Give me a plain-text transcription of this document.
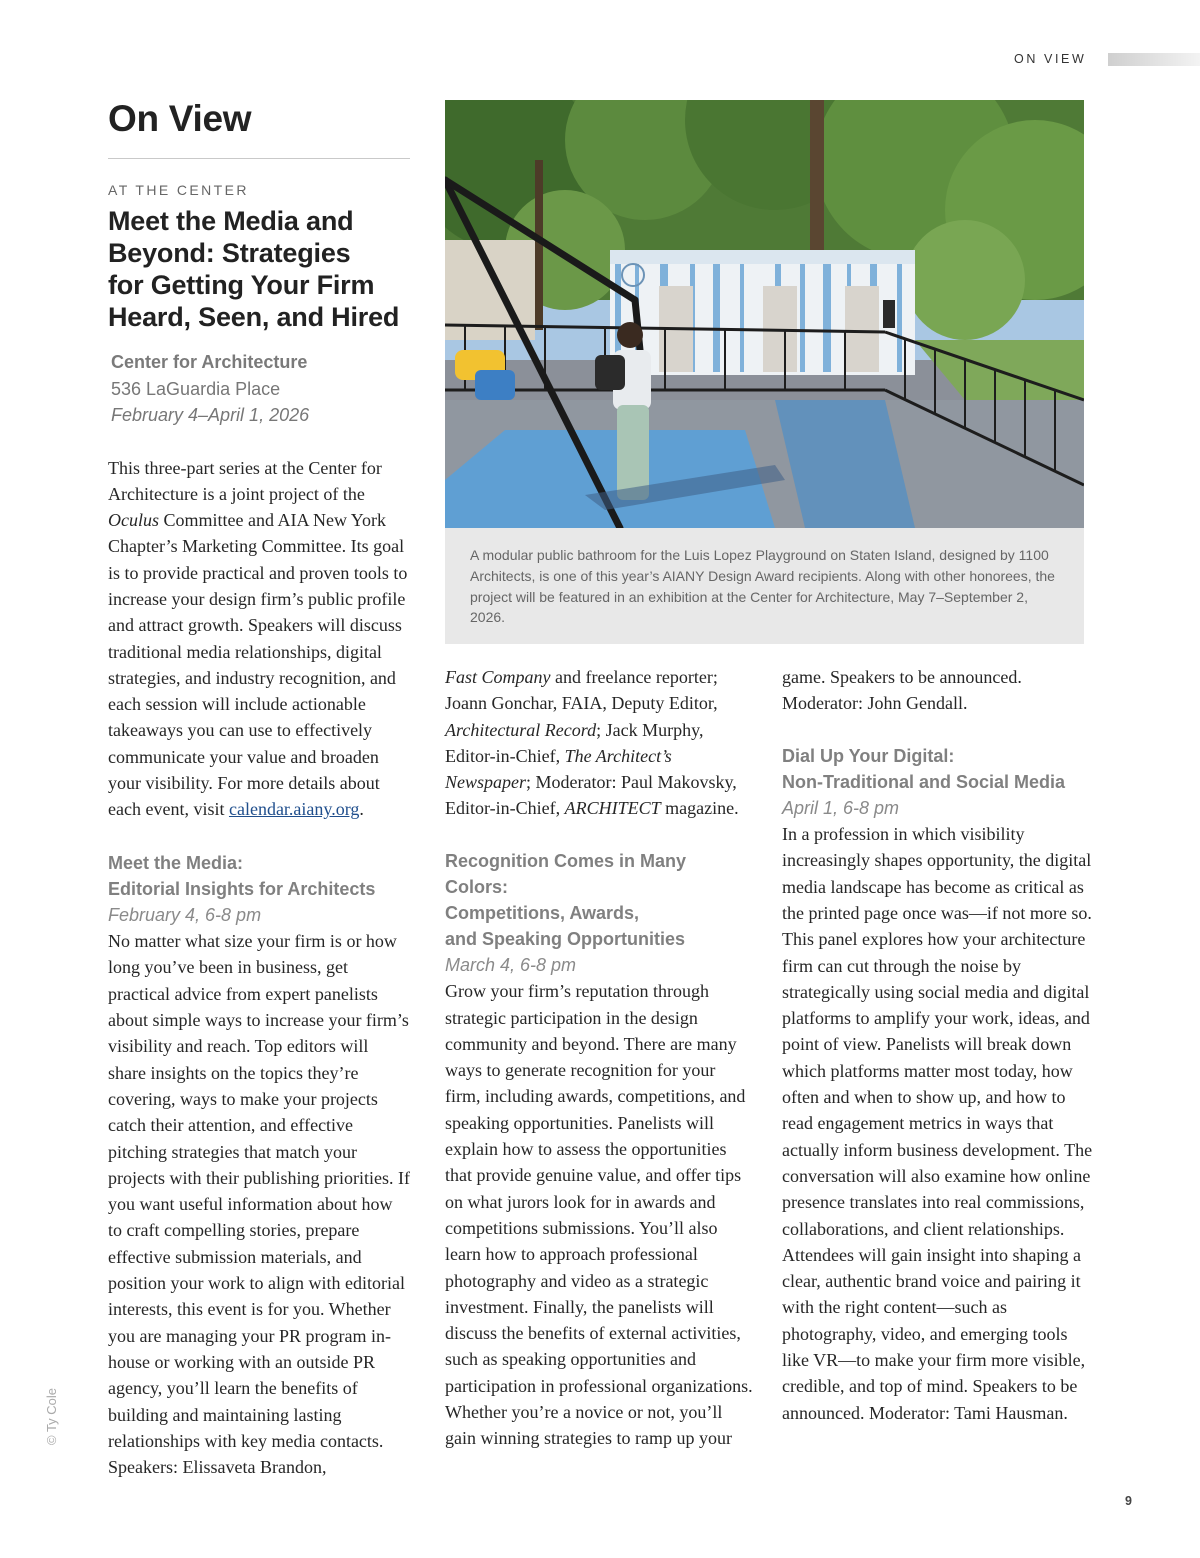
ON VIEW
© Ty Cole
9
On View

AT THE CENTER

Meet the Media and
Beyond: Strategies
for Getting Your Firm
Heard, Seen, and Hired
Center for Architecture
536 LaGuardia Place
February 4–April 1, 2026

This three-part series at the Center for Architecture is a joint project of the Oculus Committee and AIA New York Chapter’s Marketing Committee. Its goal is to provide practical and proven tools to increase your design firm’s public profile and attract growth. Speakers will discuss traditional media relationships, digital strategies, and industry recognition, and each session will include actionable takeaways you can use to effectively communicate your value and broaden your visibility. For more details about each event, visit calendar.aiany.org.

Meet the Media:
Editorial Insights for Architects

February 4, 6-8 pm

No matter what size your firm is or how long you’ve been in business, get practical advice from expert panelists about simple ways to increase your firm’s visibility and reach. Top editors will share insights on the topics they’re covering, ways to make your projects catch their attention, and effective pitching strategies that match your projects with their publishing priorities. If you want useful information about how to craft compelling stories, prepare effective submission materials, and position your work to align with editorial interests, this event is for you. Whether you are managing your PR program in-house or working with an outside PR agency, you’ll learn the benefits of building and maintaining lasting relationships with key media contacts. Speakers: Elissaveta Brandon,

A modular public bathroom for the Luis Lopez Playground on Staten Island, designed by 1100 Architects, is one of this year’s AIANY Design Award recipients. Along with other honorees, the project will be featured in an exhibition at the Center for Architecture, May 7–September 2, 2026.

Fast Company and freelance reporter; Joann Gonchar, FAIA, Deputy Editor, Architectural Record; Jack Murphy, Editor-in-Chief, The Architect’s Newspaper; Moderator: Paul Makovsky, Editor-in-Chief, ARCHITECT magazine.

Recognition Comes in Many Colors:
Competitions, Awards,
and Speaking Opportunities

March 4, 6-8 pm

Grow your firm’s reputation through strategic participation in the design community and beyond. There are many ways to generate recognition for your firm, including awards, competitions, and speaking opportunities. Panelists will explain how to assess the opportunities that provide genuine value, and offer tips on what jurors look for in awards and competitions submissions. You’ll also learn how to approach professional photography and video as a strategic investment. Finally, the panelists will discuss the benefits of external activities, such as speaking opportunities and participation in professional organizations. Whether you’re a novice or not, you’ll gain winning strategies to ramp up your

game. Speakers to be announced. Moderator: John Gendall.

Dial Up Your Digital:
Non-Traditional and Social Media

April 1, 6-8 pm

In a profession in which visibility increasingly shapes opportunity, the digital media landscape has become as critical as the printed page once was—if not more so. This panel explores how your architecture firm can cut through the noise by strategically using social media and digital platforms to amplify your work, ideas, and point of view. Panelists will break down which platforms matter most today, how often and when to show up, and how to read engagement metrics in ways that actually inform business development. The conversation will also examine how online presence translates into real commissions, collaborations, and client relationships. Attendees will gain insight into shaping a clear, authentic brand voice and pairing it with the right content—such as photography, video, and emerging tools like VR—to make your firm more visible, credible, and top of mind. Speakers to be announced. Moderator: Tami Hausman.
